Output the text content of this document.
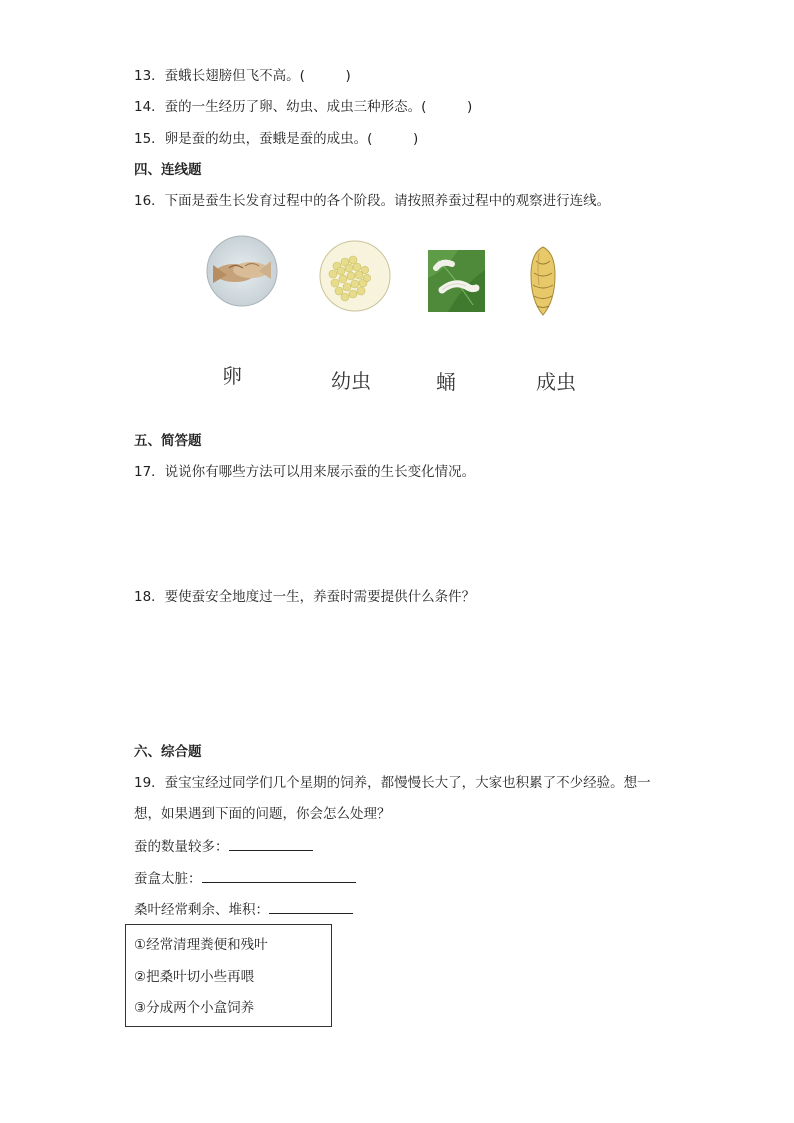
13．蚕蛾长翅膀但飞不高。(　　　)
14．蚕的一生经历了卵、幼虫、成虫三种形态。(　　　)
15．卵是蚕的幼虫，蚕蛾是蚕的成虫。(　　　)
四、连线题
16．下面是蚕生长发育过程中的各个阶段。请按照养蚕过程中的观察进行连线。
卵	幼虫	蛹	成虫
五、简答题
17．说说你有哪些方法可以用来展示蚕的生长变化情况。
18．要使蚕安全地度过一生，养蚕时需要提供什么条件？
六、综合题
19．蚕宝宝经过同学们几个星期的饲养，都慢慢长大了，大家也积累了不少经验。想一
想，如果遇到下面的问题，你会怎么处理？
蚕的数量较多：
蚕盒太脏：
桑叶经常剩余、堆积：
①经常清理粪便和残叶
②把桑叶切小些再喂
③分成两个小盒饲养
